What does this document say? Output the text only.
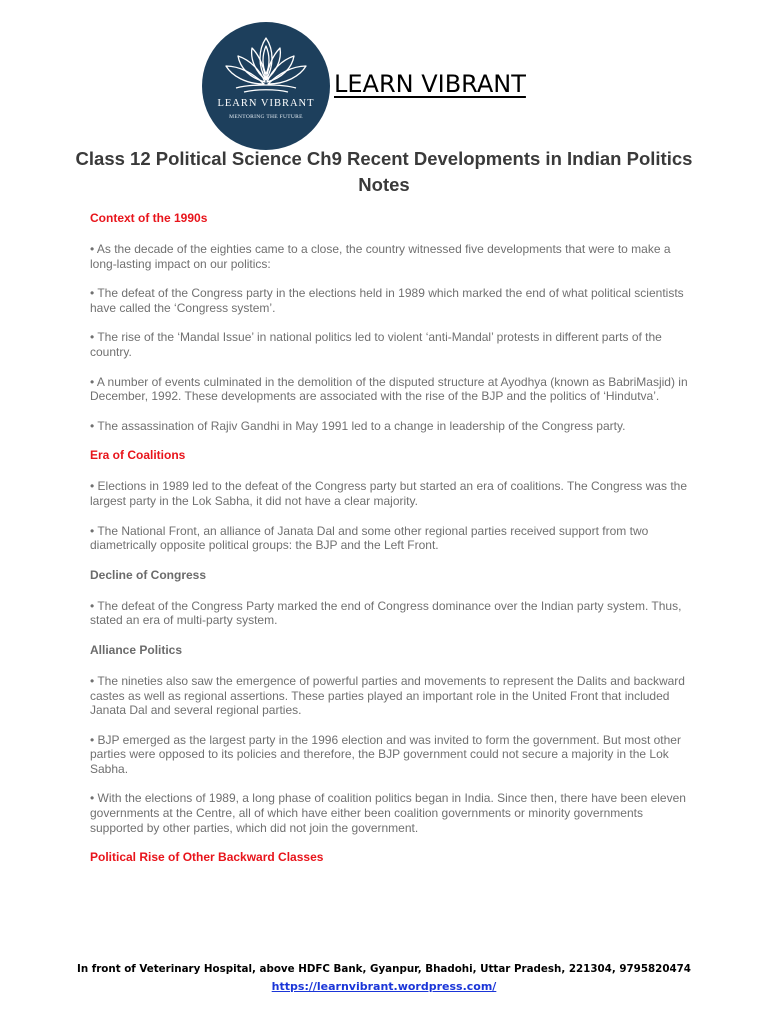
LEARN VIBRANT
MENTORING THE FUTURE
LEARN VIBRANT
Class 12 Political Science Ch9 Recent Developments in Indian Politics Notes
Context of the 1990s

• As the decade of the eighties came to a close, the country witnessed five developments that were to make a long-lasting impact on our politics:

• The defeat of the Congress party in the elections held in 1989 which marked the end of what political scientists have called the ‘Congress system’.

• The rise of the ‘Mandal Issue’ in national politics led to violent ‘anti-Mandal’ protests in different parts of the country.

• A number of events culminated in the demolition of the disputed structure at Ayodhya (known as BabriMasjid) in December, 1992. These developments are associated with the rise of the BJP and the politics of ‘Hindutva’.

• The assassination of Rajiv Gandhi in May 1991 led to a change in leadership of the Congress party.

Era of Coalitions

• Elections in 1989 led to the defeat of the Congress party but started an era of coalitions. The Congress was the largest party in the Lok Sabha, it did not have a clear majority.

• The National Front, an alliance of Janata Dal and some other regional parties received support from two diametrically opposite political groups: the BJP and the Left Front.

Decline of Congress

• The defeat of the Congress Party marked the end of Congress dominance over the Indian party system. Thus, stated an era of multi-party system.

Alliance Politics

• The nineties also saw the emergence of powerful parties and movements to represent the Dalits and backward castes as well as regional assertions. These parties played an important role in the United Front that included Janata Dal and several regional parties.

• BJP emerged as the largest party in the 1996 election and was invited to form the government. But most other parties were opposed to its policies and therefore, the BJP government could not secure a majority in the Lok Sabha.

• With the elections of 1989, a long phase of coalition politics began in India. Since then, there have been eleven governments at the Centre, all of which have either been coalition governments or minority governments supported by other parties, which did not join the government.

Political Rise of Other Backward Classes
In front of Veterinary Hospital, above HDFC Bank, Gyanpur, Bhadohi, Uttar Pradesh, 221304, 9795820474
https://learnvibrant.wordpress.com/
